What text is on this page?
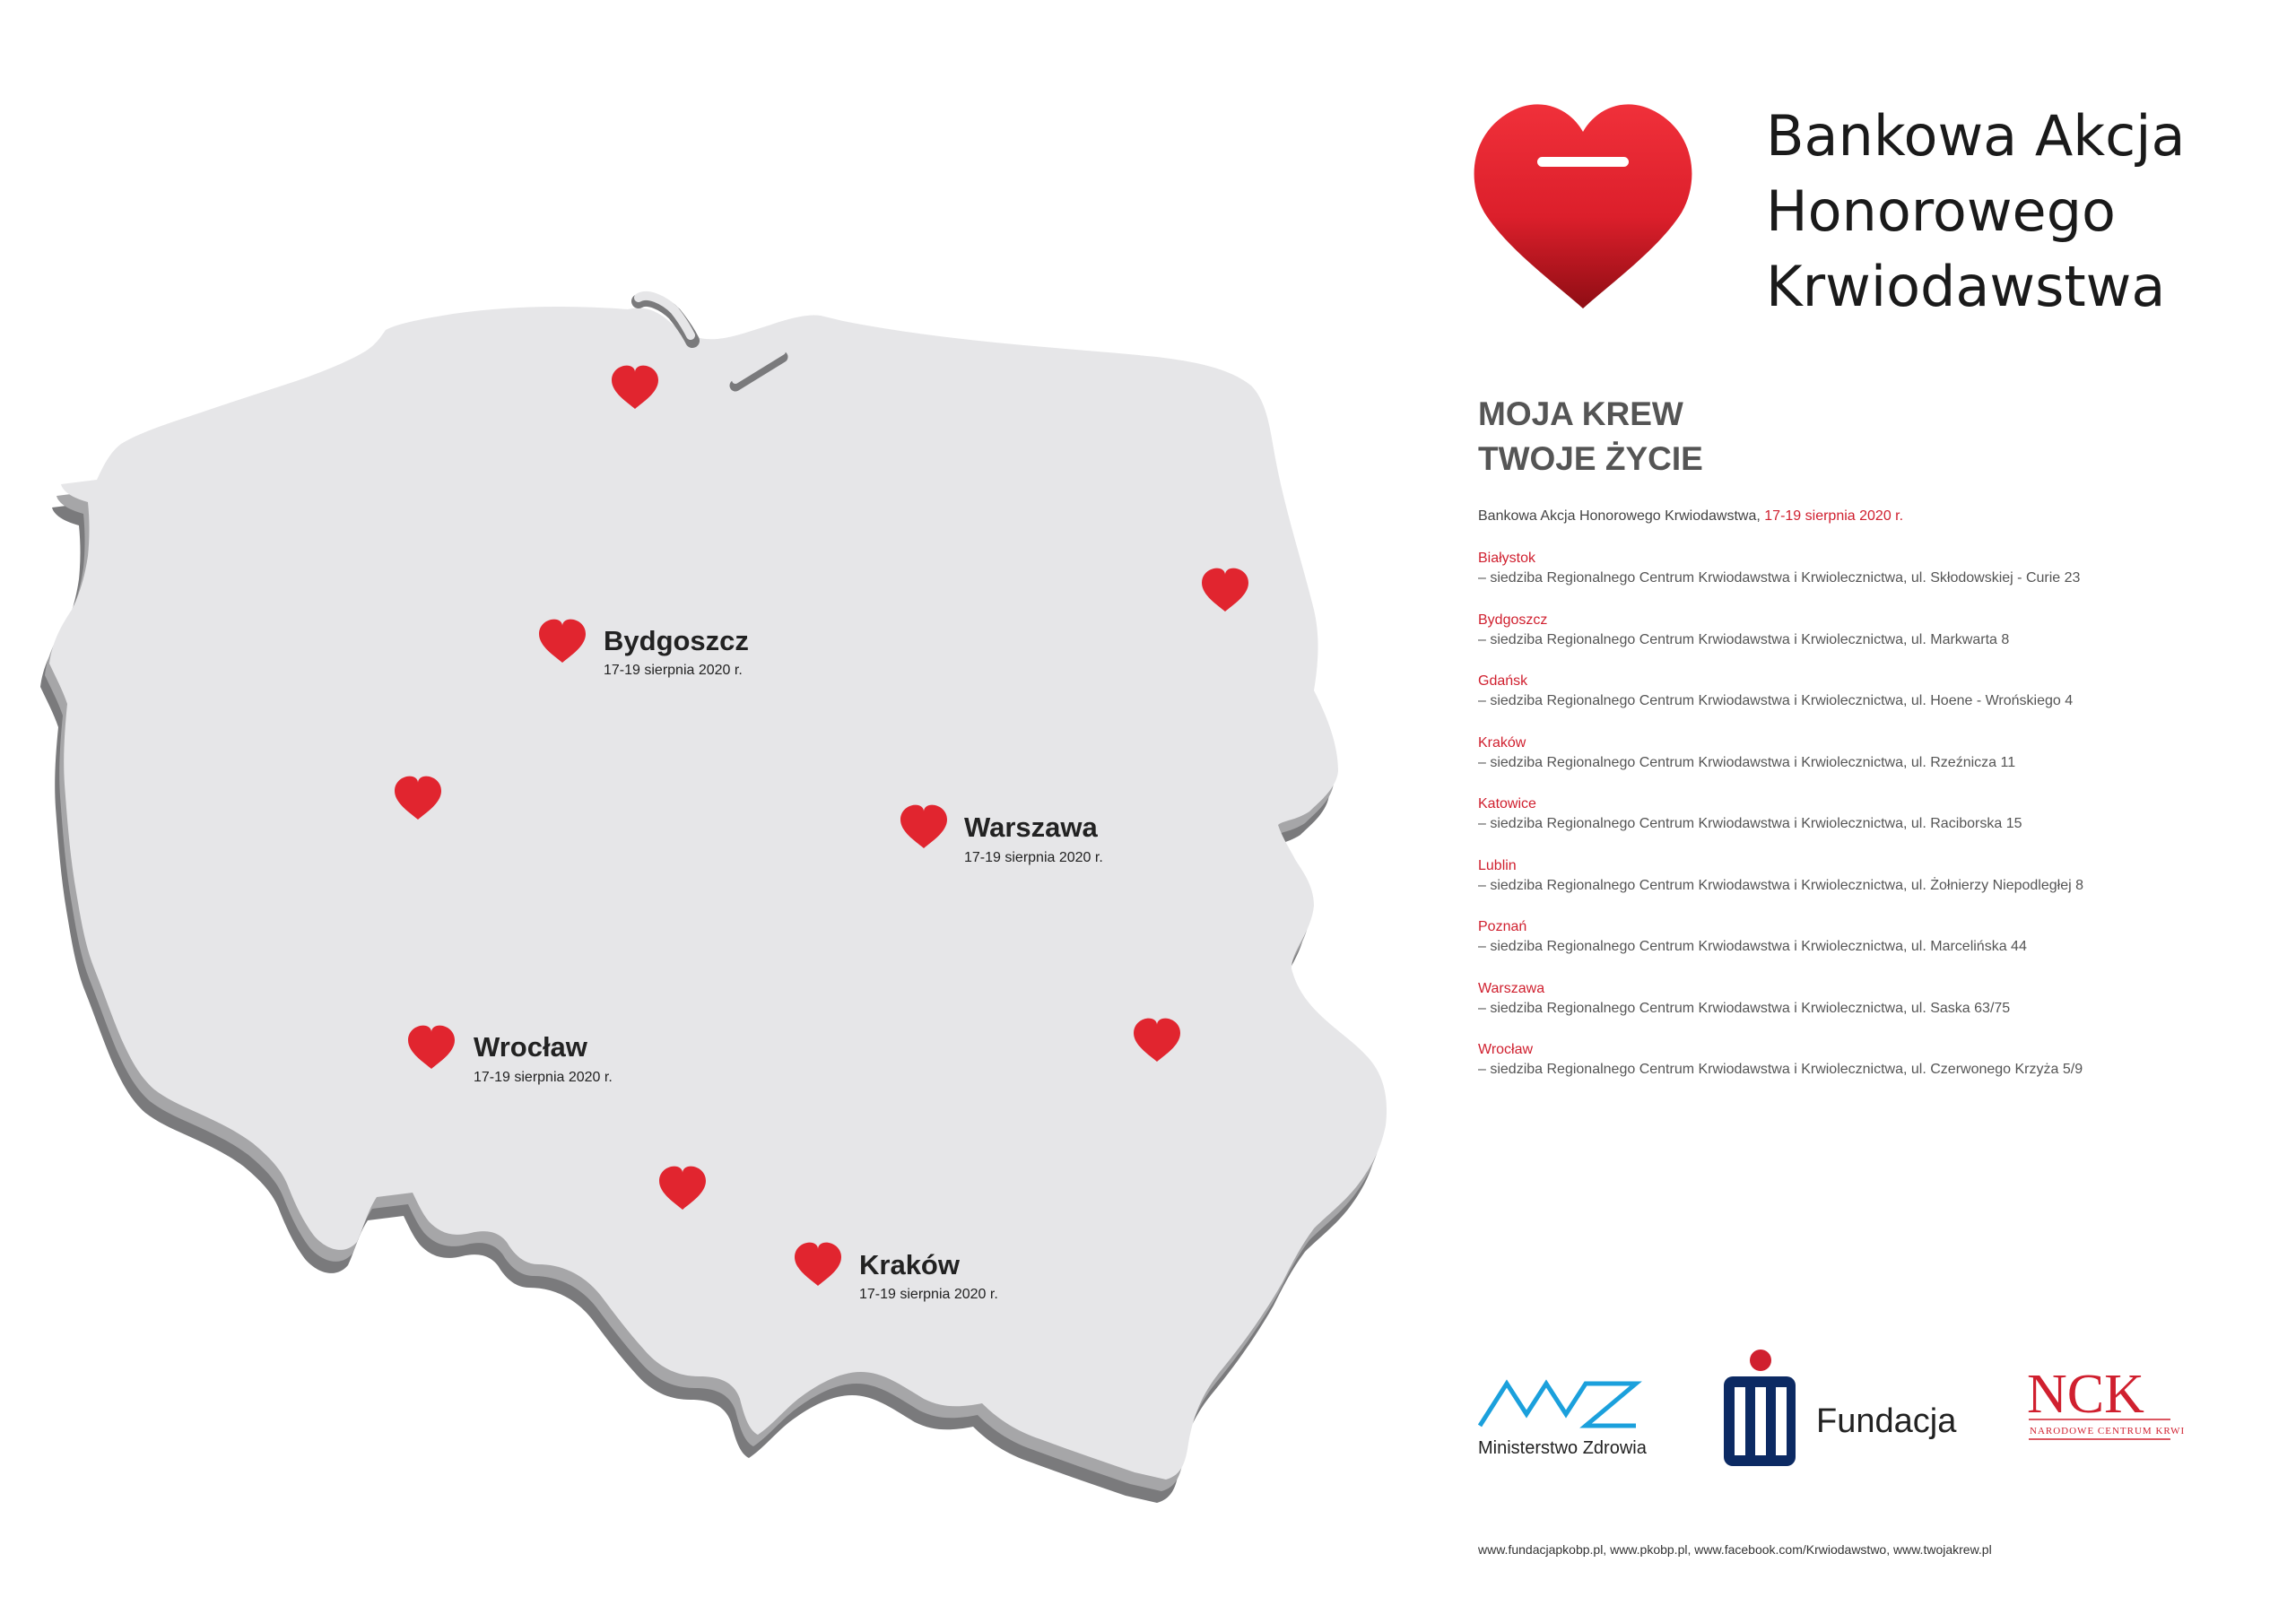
Bydgoszcz
17-19 sierpnia 2020 r.
Warszawa
17-19 sierpnia 2020 r.
Wrocław
17-19 sierpnia 2020 r.
Kraków
17-19 sierpnia 2020 r.
Bankowa Akcja
Honorowego
Krwiodawstwa
MOJA KREW
TWOJE ŻYCIE
Bankowa Akcja Honorowego Krwiodawstwa, 17-19 sierpnia 2020 r.
Białystok
– siedziba Regionalnego Centrum Krwiodawstwa i Krwiolecznictwa, ul. Skłodowskiej - Curie 23
Bydgoszcz
– siedziba Regionalnego Centrum Krwiodawstwa i Krwiolecznictwa, ul. Markwarta 8
Gdańsk
– siedziba Regionalnego Centrum Krwiodawstwa i Krwiolecznictwa, ul. Hoene - Wrońskiego 4
Kraków
– siedziba Regionalnego Centrum Krwiodawstwa i Krwiolecznictwa, ul. Rzeźnicza 11
Katowice
– siedziba Regionalnego Centrum Krwiodawstwa i Krwiolecznictwa, ul. Raciborska 15
Lublin
– siedziba Regionalnego Centrum Krwiodawstwa i Krwiolecznictwa, ul. Żołnierzy Niepodległej 8
Poznań
– siedziba Regionalnego Centrum Krwiodawstwa i Krwiolecznictwa, ul. Marcelińska 44
Warszawa
– siedziba Regionalnego Centrum Krwiodawstwa i Krwiolecznictwa, ul. Saska 63/75
Wrocław
– siedziba Regionalnego Centrum Krwiodawstwa i Krwiolecznictwa, ul. Czerwonego Krzyża 5/9
Ministerstwo Zdrowia
Fundacja NCK
NARODOWE CENTRUM KRWI
www.fundacjapkobp.pl, www.pkobp.pl, www.facebook.com/Krwiodawstwo, www.twojakrew.pl
